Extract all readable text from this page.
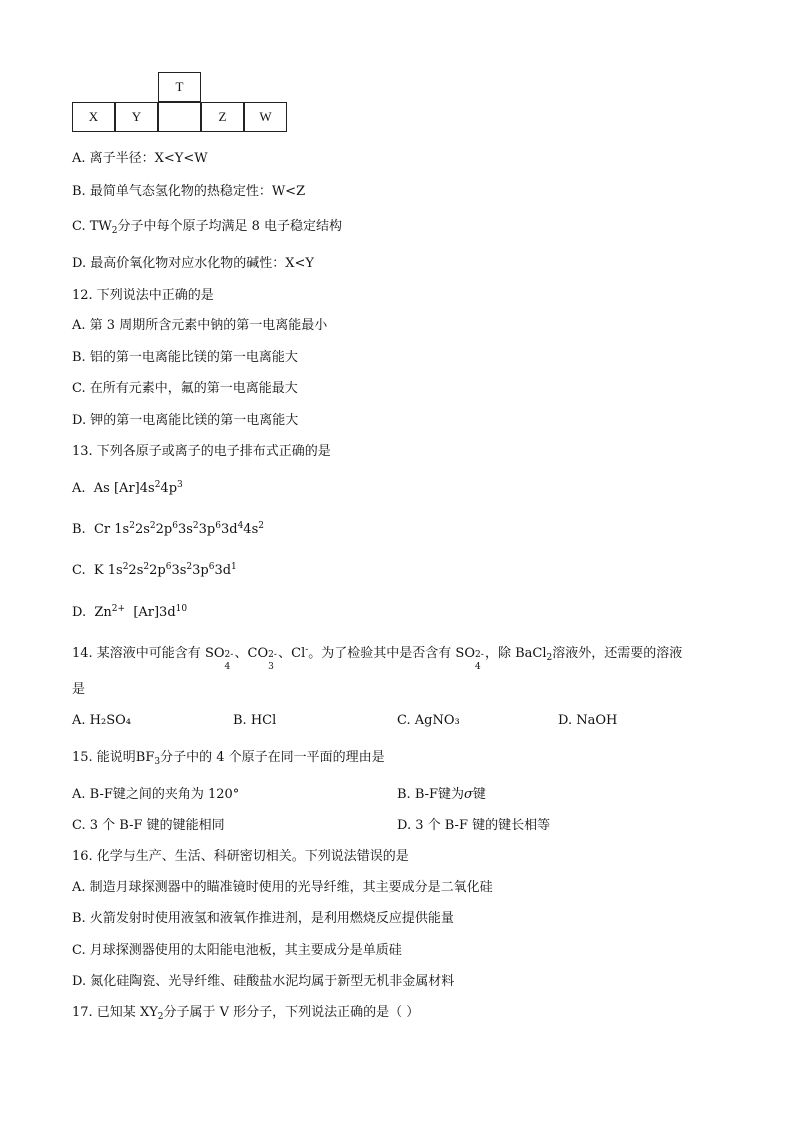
T
X	Y	Z	W
A. 离子半径：X<Y<W
B. 最简单气态氢化物的热稳定性：W<Z
C. $TW_2$分子中每个原子均满足 8 电子稳定结构
D. 最高价氧化物对应水化物的碱性：X<Y
12. 下列说法中正确的是
A. 第 3 周期所含元素中钠的第一电离能最小
B. 铝的第一电离能比镁的第一电离能大
C. 在所有元素中，氟的第一电离能最大
D. 钾的第一电离能比镁的第一电离能大
13. 下列各原子或离子的电子排布式正确的是
A. As $[Ar]4s^24p^3$
B. Cr $1s^22s^22p^63s^23p^63d^44s^2$
C. K $1s^22s^22p^63s^23p^63d^1$
D. $Zn^{2+}$ $[Ar]3d^{10}$
14. 某溶液中可能含有 SO 2-
4
、CO 2-
3
、Cl-。为了检验其中是否含有 SO 2-
4
，除 BaCl$_2$溶液外，还需要的溶液
是
A. H₂SO₄	B. HCl	C. AgNO₃	D. NaOH
15. 能说明$BF_3$分子中的 4 个原子在同一平面的理由是
A. B-F键之间的夹角为 120°	B. B-F键为σ键
C. 3 个 B-F 键的键能相同	D. 3 个 B-F 键的键长相等
16. 化学与生产、生活、科研密切相关。下列说法错误的是
A. 制造月球探测器中的瞄准镜时使用的光导纤维，其主要成分是二氧化硅
B. 火箭发射时使用液氢和液氧作推进剂，是利用燃烧反应提供能量
C. 月球探测器使用的太阳能电池板，其主要成分是单质硅
D. 氮化硅陶瓷、光导纤维、硅酸盐水泥均属于新型无机非金属材料
17. 已知某 $XY_2$分子属于 V 形分子，下列说法正确的是（ ）
